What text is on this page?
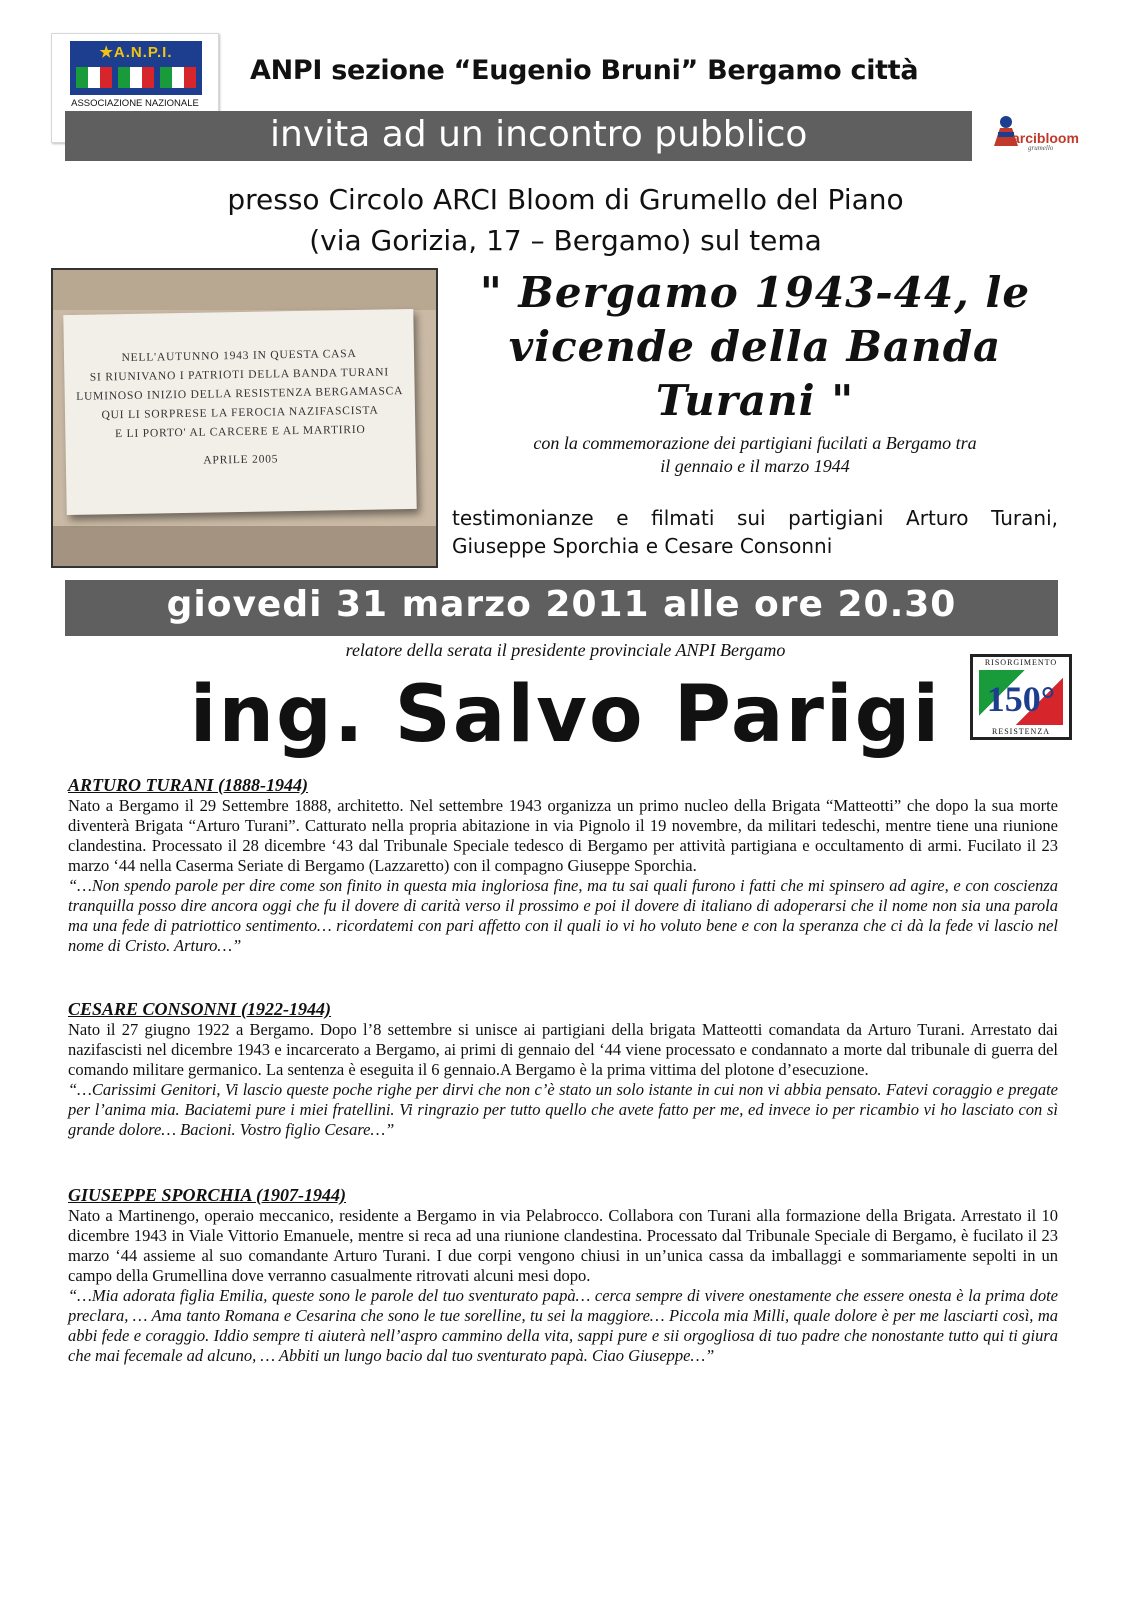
★A.N.P.I.
ASSOCIAZIONE NAZIONALE
ANPI sezione “Eugenio Bruni” Bergamo città
invita ad un incontro pubblico	arcibloom
grumello
presso Circolo ARCI Bloom di Grumello del Piano
(via Gorizia, 17 – Bergamo) sul tema
NELL'AUTUNNO 1943 IN QUESTA CASA
SI RIUNIVANO I PATRIOTI DELLA BANDA TURANI
LUMINOSO INIZIO DELLA RESISTENZA BERGAMASCA
QUI LI SORPRESE LA FEROCIA NAZIFASCISTA
E LI PORTO' AL CARCERE E AL MARTIRIO
APRILE 2005
" Bergamo 1943-44, le
vicende della Banda
Turani "
con la commemorazione dei partigiani fucilati a Bergamo tra
il gennaio e il marzo 1944
testimonianze e filmati sui partigiani Arturo Turani,
Giuseppe Sporchia e Cesare Consonni
giovedi 31 marzo 2011 alle ore 20.30
relatore della serata il presidente provinciale ANPI Bergamo
ing. Salvo Parigi
RISORGIMENTO
150°
RESISTENZA
ARTURO TURANI (1888-1944)
Nato a Bergamo il 29 Settembre 1888, architetto. Nel settembre 1943 organizza un primo nucleo della Brigata “Matteotti” che dopo la sua morte diventerà Brigata “Arturo Turani”. Catturato nella propria abitazione in via Pignolo il 19 novembre, da militari tedeschi, mentre tiene una riunione clandestina. Processato il 28 dicembre ‘43 dal Tribunale Speciale tedesco di Bergamo per attività partigiana e occultamento di armi. Fucilato il 23 marzo ‘44 nella Caserma Seriate di Bergamo (Lazzaretto) con il compagno Giuseppe Sporchia.
“…Non spendo parole per dire come son finito in questa mia ingloriosa fine, ma tu sai quali furono i fatti che mi spinsero ad agire, e con coscienza tranquilla posso dire ancora oggi che fu il dovere di carità verso il prossimo e poi il dovere di italiano di adoperarsi che il nome non sia una parola ma una fede di patriottico sentimento… ricordatemi con pari affetto con il quali io vi ho voluto bene e con la speranza che ci dà la fede vi lascio nel nome di Cristo. Arturo…”
CESARE CONSONNI (1922-1944)
Nato il 27 giugno 1922 a Bergamo. Dopo l’8 settembre si unisce ai partigiani della brigata Matteotti comandata da Arturo Turani. Arrestato dai nazifascisti nel dicembre 1943 e incarcerato a Bergamo, ai primi di gennaio del ‘44 viene processato e condannato a morte dal tribunale di guerra del comando militare germanico. La sentenza è eseguita il 6 gennaio.A Bergamo è la prima vittima del plotone d’esecuzione.
“…Carissimi Genitori, Vi lascio queste poche righe per dirvi che non c’è stato un solo istante in cui non vi abbia pensato. Fatevi coraggio e pregate per l’anima mia. Baciatemi pure i miei fratellini. Vi ringrazio per tutto quello che avete fatto per me, ed invece io per ricambio vi ho lasciato con sì grande dolore… Bacioni. Vostro figlio Cesare…”
GIUSEPPE SPORCHIA (1907-1944)
Nato a Martinengo, operaio meccanico, residente a Bergamo in via Pelabrocco. Collabora con Turani alla formazione della Brigata. Arrestato il 10 dicembre 1943 in Viale Vittorio Emanuele, mentre si reca ad una riunione clandestina. Processato dal Tribunale Speciale di Bergamo, è fucilato il 23 marzo ‘44 assieme al suo comandante Arturo Turani. I due corpi vengono chiusi in un’unica cassa da imballaggi e sommariamente sepolti in un campo della Grumellina dove verranno casualmente ritrovati alcuni mesi dopo.
“…Mia adorata figlia Emilia, queste sono le parole del tuo sventurato papà… cerca sempre di vivere onestamente che essere onesta è la prima dote preclara, … Ama tanto Romana e Cesarina che sono le tue sorelline, tu sei la maggiore… Piccola mia Milli, quale dolore è per me lasciarti così, ma abbi fede e coraggio. Iddio sempre ti aiuterà nell’aspro cammino della vita, sappi pure e sii orgogliosa di tuo padre che nonostante tutto qui ti giura che mai fecemale ad alcuno, … Abbiti un lungo bacio dal tuo sventurato papà. Ciao Giuseppe…”
